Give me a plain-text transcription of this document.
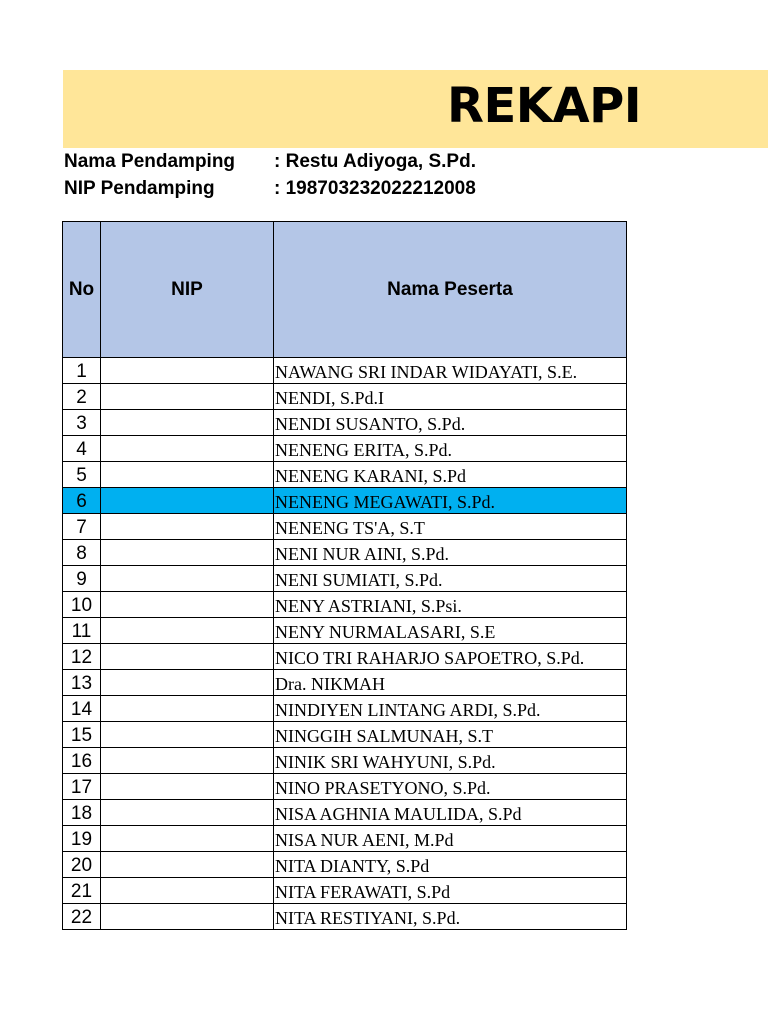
REKAPI
Nama Pendamping : Restu Adiyoga, S.Pd.
NIP Pendamping	: 198703232022212008
No	NIP	Nama Peserta
1		NAWANG SRI INDAR WIDAYATI, S.E.
2		NENDI, S.Pd.I
3		NENDI SUSANTO, S.Pd.
4		NENENG ERITA, S.Pd.
5		NENENG KARANI, S.Pd
6		NENENG MEGAWATI, S.Pd.
7		NENENG TS'A, S.T
8		NENI NUR AINI, S.Pd.
9		NENI SUMIATI, S.Pd.
10		NENY ASTRIANI, S.Psi.
11		NENY NURMALASARI, S.E
12		NICO TRI RAHARJO SAPOETRO, S.Pd.
13		Dra. NIKMAH
14		NINDIYEN LINTANG ARDI, S.Pd.
15		NINGGIH SALMUNAH, S.T
16		NINIK SRI WAHYUNI, S.Pd.
17		NINO PRASETYONO, S.Pd.
18		NISA AGHNIA MAULIDA, S.Pd
19		NISA NUR AENI, M.Pd
20		NITA DIANTY, S.Pd
21		NITA FERAWATI, S.Pd
22		NITA RESTIYANI, S.Pd.
